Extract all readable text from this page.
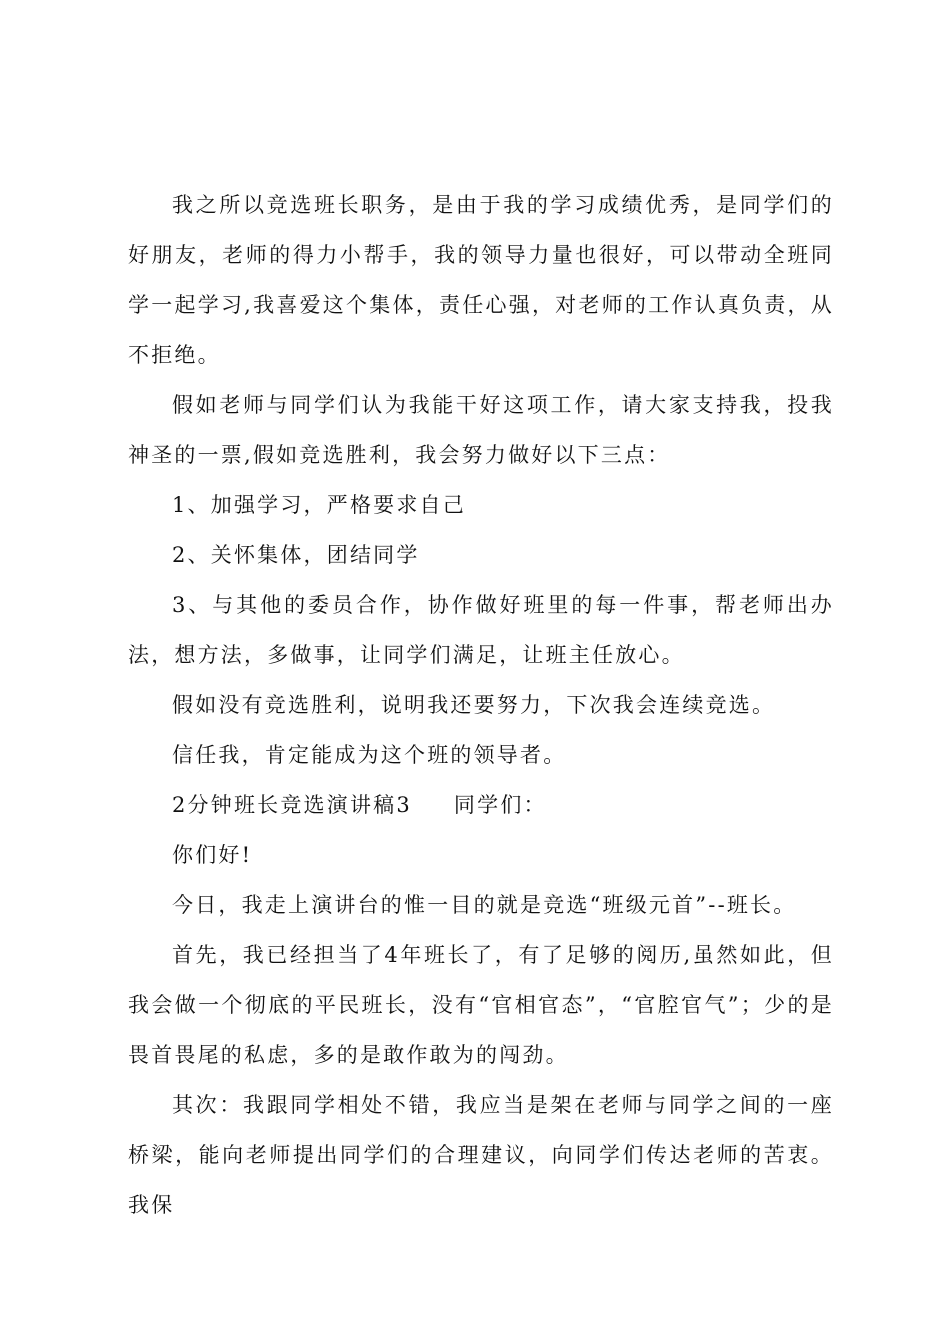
我之所以竞选班长职务，是由于我的学习成绩优秀，是同学们的好朋友，老师的得力小帮手，我的领导力量也很好，可以带动全班同学一起学习,我喜爱这个集体，责任心强，对老师的工作认真负责，从不拒绝。

假如老师与同学们认为我能干好这项工作，请大家支持我，投我神圣的一票,假如竞选胜利，我会努力做好以下三点：

1、加强学习，严格要求自己

2、关怀集体，团结同学

3、与其他的委员合作，协作做好班里的每一件事，帮老师出办法，想方法，多做事，让同学们满足，让班主任放心。

假如没有竞选胜利，说明我还要努力，下次我会连续竞选。

信任我，肯定能成为这个班的领导者。

2分钟班长竞选演讲稿3 同学们：

你们好!

今日，我走上演讲台的惟一目的就是竞选“班级元首”--班长。

首先，我已经担当了4年班长了，有了足够的阅历,虽然如此，但我会做一个彻底的平民班长，没有“官相官态”，“官腔官气”；少的是畏首畏尾的私虑，多的是敢作敢为的闯劲。

其次：我跟同学相处不错，我应当是架在老师与同学之间的一座桥梁，能向老师提出同学们的合理建议，向同学们传达老师的苦衷。我保
